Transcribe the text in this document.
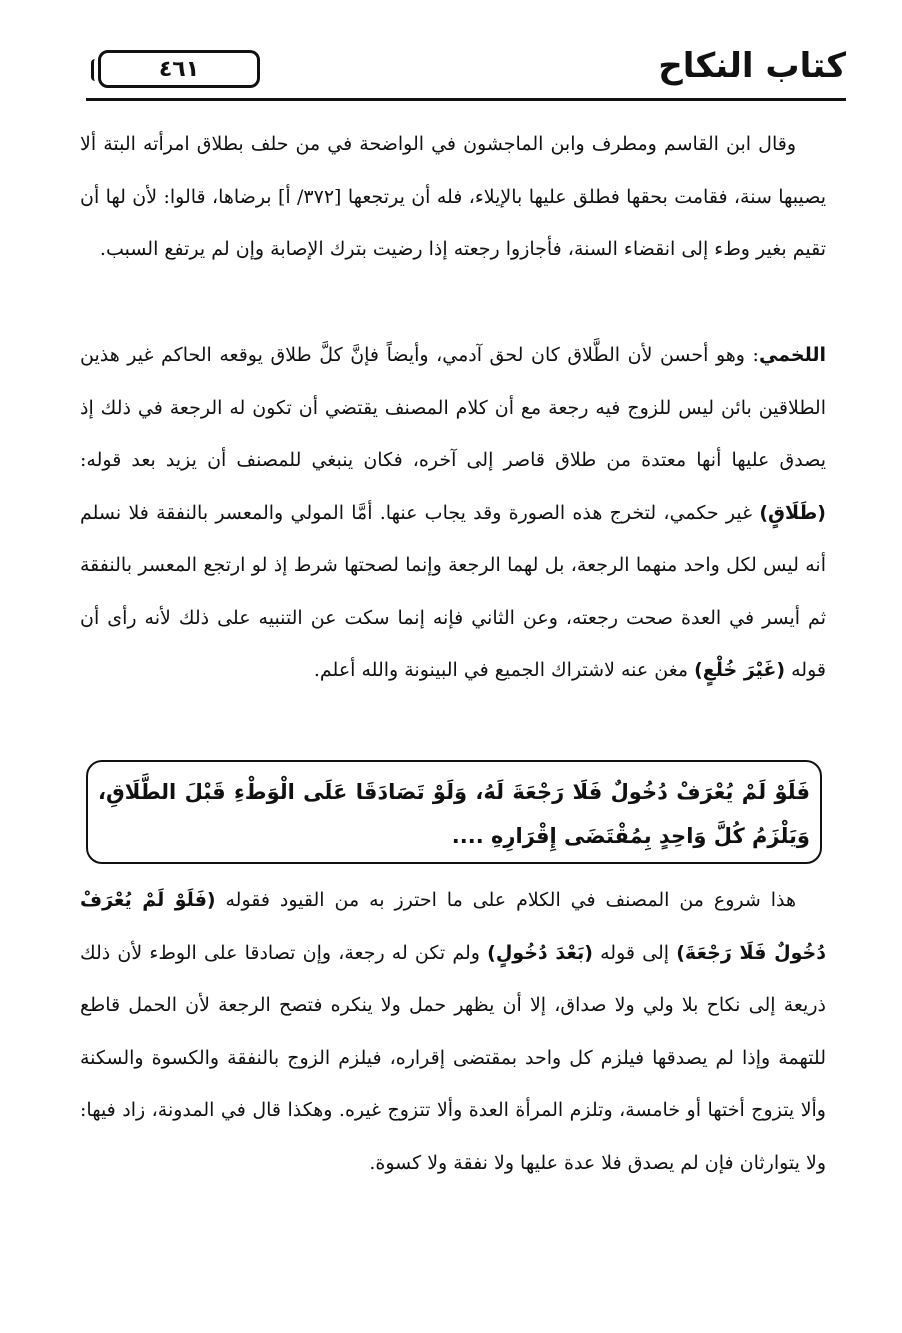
٤٦١	كتاب النكاح

وقال ابن القاسم ومطرف وابن الماجشون في الواضحة في من حلف بطلاق امرأته البتة ألا يصيبها سنة، فقامت بحقها فطلق عليها بالإيلاء، فله أن يرتجعها [٣٧٢/ أ] برضاها، قالوا: لأن لها أن تقيم بغير وطء إلى انقضاء السنة، فأجازوا رجعته إذا رضيت بترك الإصابة وإن لم يرتفع السبب.

اللخمي: وهو أحسن لأن الطَّلاق كان لحق آدمي، وأيضاً فإنَّ كلَّ طلاق يوقعه الحاكم غير هذين الطلاقين بائن ليس للزوج فيه رجعة مع أن كلام المصنف يقتضي أن تكون له الرجعة في ذلك إذ يصدق عليها أنها معتدة من طلاق قاصر إلى آخره، فكان ينبغي للمصنف أن يزيد بعد قوله: (طَلَاقٍ) غير حكمي، لتخرج هذه الصورة وقد يجاب عنها. أمَّا المولي والمعسر بالنفقة فلا نسلم أنه ليس لكل واحد منهما الرجعة، بل لهما الرجعة وإنما لصحتها شرط إذ لو ارتجع المعسر بالنفقة ثم أيسر في العدة صحت رجعته، وعن الثاني فإنه إنما سكت عن التنبيه على ذلك لأنه رأى أن قوله (غَيْرَ خُلْعٍ) مغن عنه لاشتراك الجميع في البينونة والله أعلم.

فَلَوْ لَمْ يُعْرَفْ دُخُولٌ فَلَا رَجْعَةَ لَهُ، وَلَوْ تَصَادَقَا عَلَى الْوَطْءِ قَبْلَ الطَّلَاقِ، وَيَلْزَمُ كُلَّ وَاحِدٍ بِمُقْتَضَى إِقْرَارِهِ ....

هذا شروع من المصنف في الكلام على ما احترز به من القيود فقوله (فَلَوْ لَمْ يُعْرَفْ دُخُولٌ فَلَا رَجْعَةَ) إلى قوله (بَعْدَ دُخُولٍ) ولم تكن له رجعة، وإن تصادقا على الوطء لأن ذلك ذريعة إلى نكاح بلا ولي ولا صداق، إلا أن يظهر حمل ولا ينكره فتصح الرجعة لأن الحمل قاطع للتهمة وإذا لم يصدقها فيلزم كل واحد بمقتضى إقراره، فيلزم الزوج بالنفقة والكسوة والسكنة وألا يتزوج أختها أو خامسة، وتلزم المرأة العدة وألا تتزوج غيره. وهكذا قال في المدونة، زاد فيها: ولا يتوارثان فإن لم يصدق فلا عدة عليها ولا نفقة ولا كسوة.
